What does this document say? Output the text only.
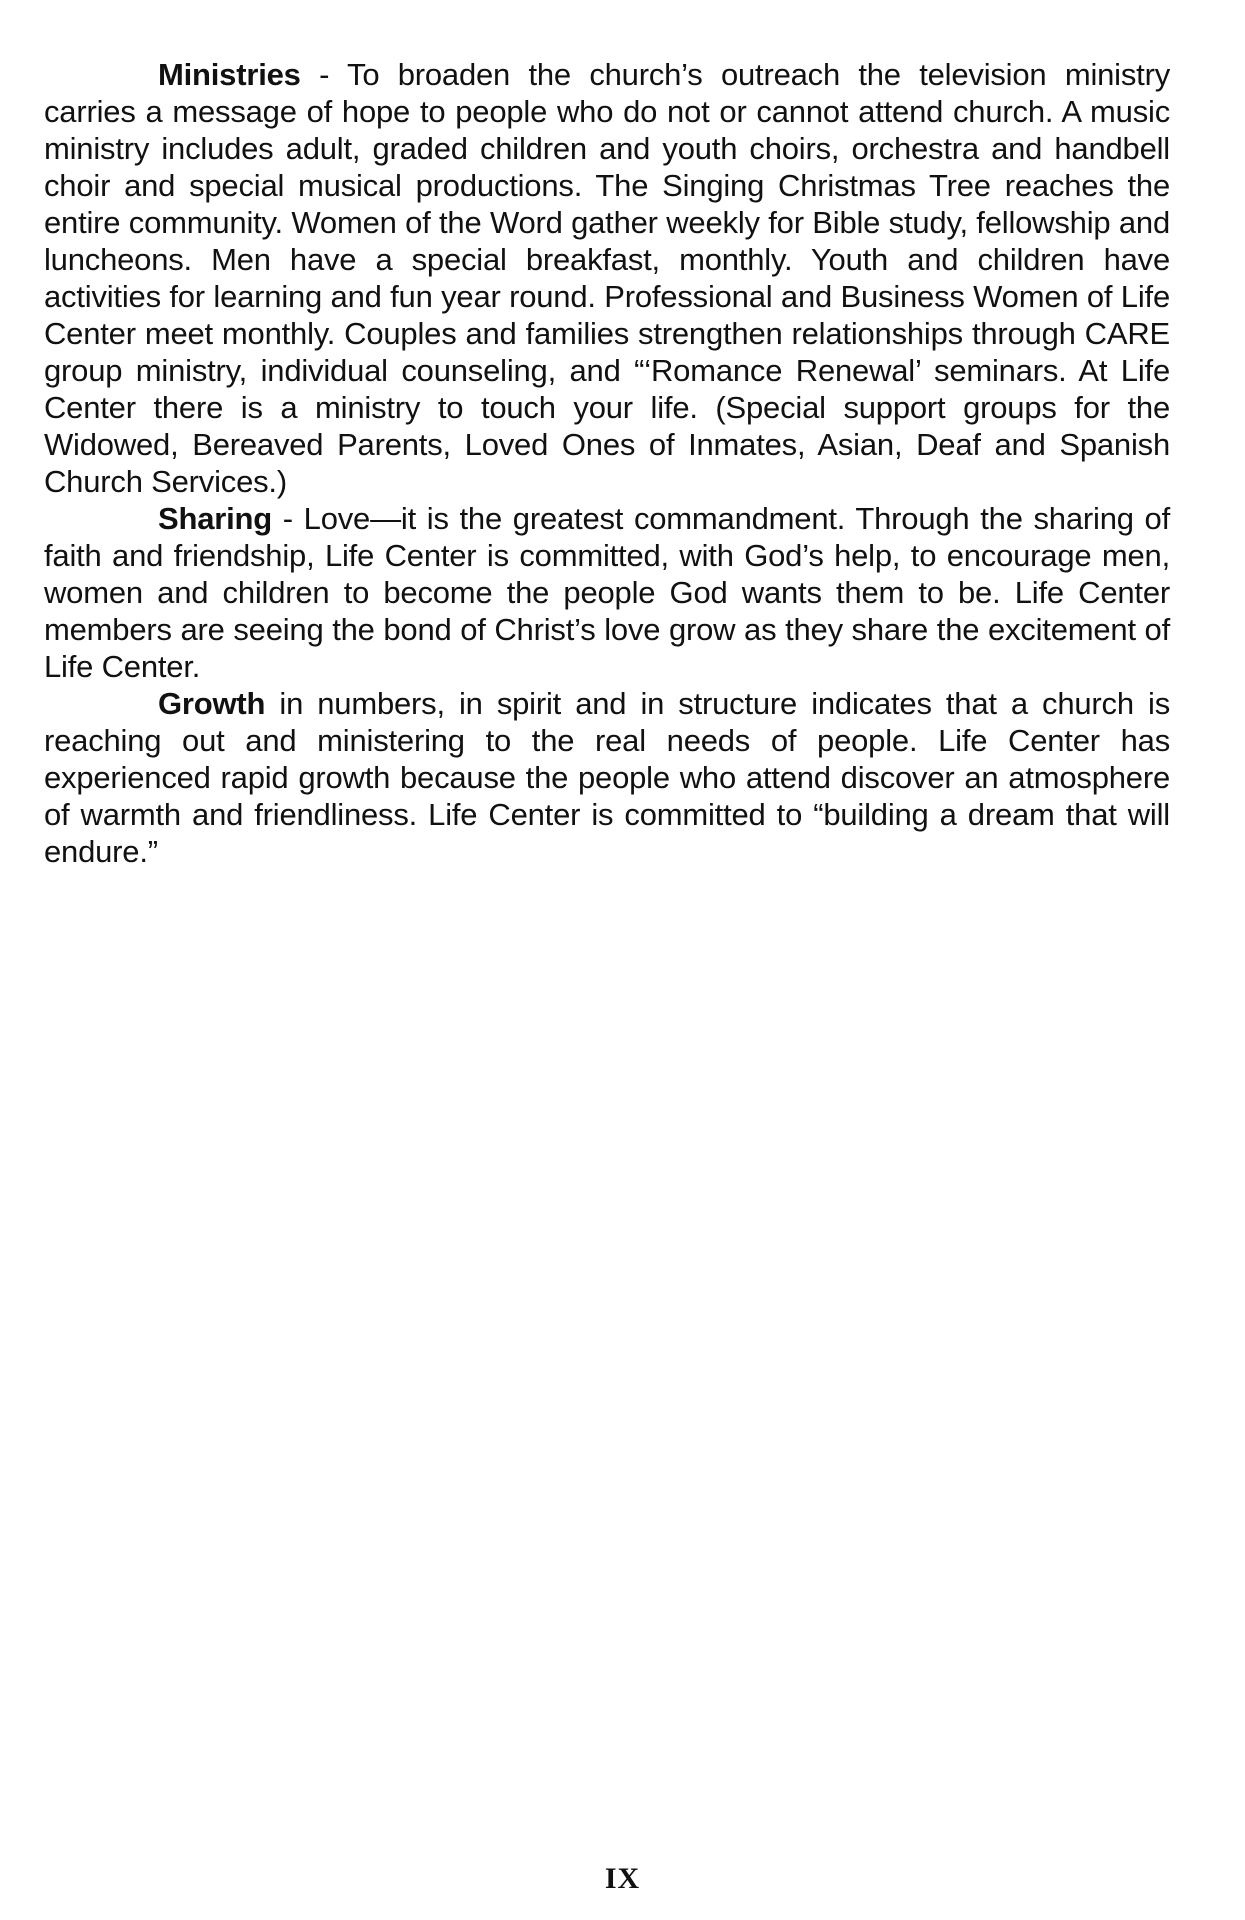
Ministries - To broaden the church’s outreach the television ministry carries a message of hope to people who do not or cannot attend church. A music ministry includes adult, graded children and youth choirs, orchestra and handbell choir and special musical productions. The Singing Christmas Tree reaches the entire community. Women of the Word gather weekly for Bible study, fellowship and luncheons. Men have a special breakfast, monthly. Youth and children have activities for learning and fun year round. Professional and Business Women of Life Center meet monthly. Couples and families strengthen relationships through CARE group ministry, individual counseling, and “‘Romance Renewal’ seminars. At Life Center there is a ministry to touch your life. (Special support groups for the Widowed, Bereaved Parents, Loved Ones of Inmates, Asian, Deaf and Spanish Church Services.)

Sharing - Love—it is the greatest commandment. Through the sharing of faith and friendship, Life Center is committed, with God’s help, to encourage men, women and children to become the people God wants them to be. Life Center members are seeing the bond of Christ’s love grow as they share the excitement of Life Center.

Growth in numbers, in spirit and in structure indicates that a church is reaching out and ministering to the real needs of people. Life Center has experienced rapid growth because the people who attend discover an atmosphere of warmth and friendliness. Life Center is committed to “building a dream that will endure.”

IX
